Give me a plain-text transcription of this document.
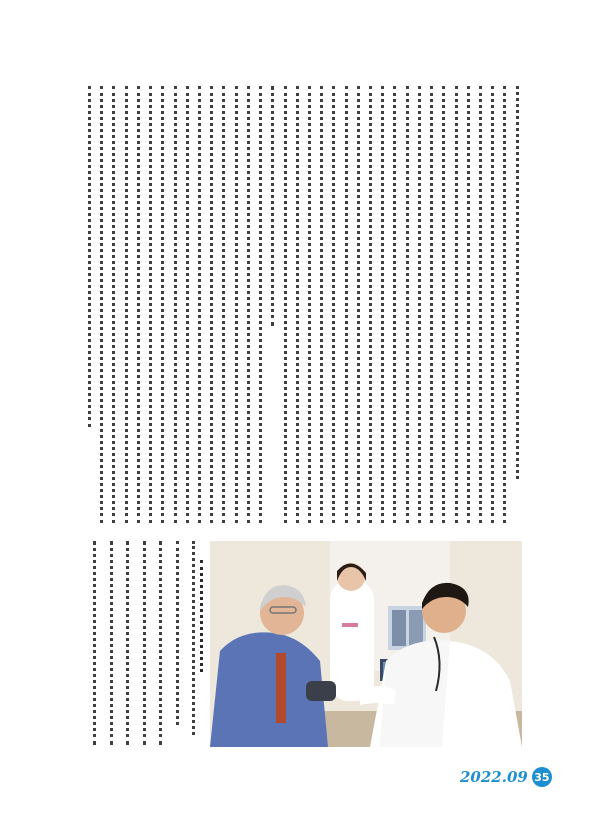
2022.09 35
